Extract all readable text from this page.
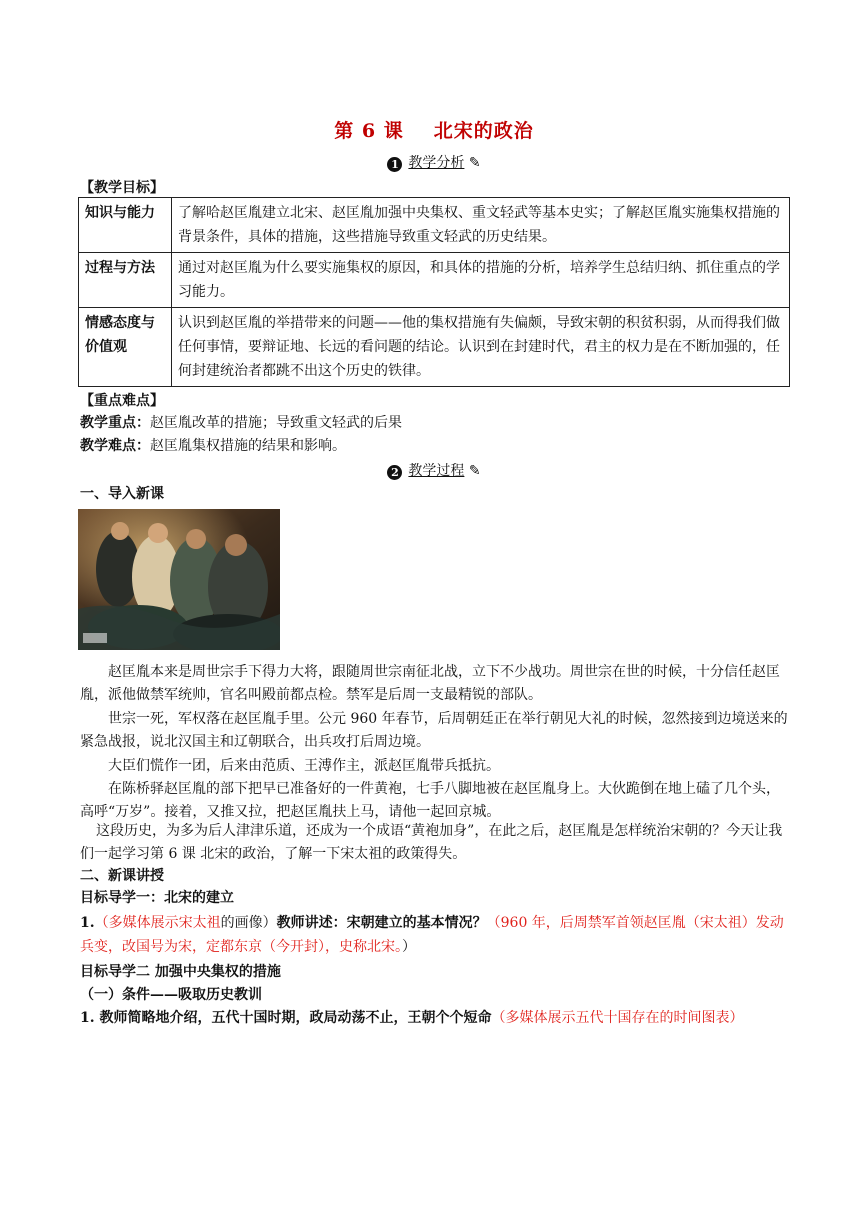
第 6 课 北宋的政治
1 教学分析 ✎
【教学目标】
知识与能力	了解哈赵匡胤建立北宋、赵匡胤加强中央集权、重文轻武等基本史实；了解赵匡胤实施集权措施的背景条件，具体的措施，这些措施导致重文轻武的历史结果。
过程与方法	通过对赵匡胤为什么要实施集权的原因，和具体的措施的分析，培养学生总结归纳、抓住重点的学习能力。
情感态度与价值观	认识到赵匡胤的举措带来的问题——他的集权措施有失偏颇，导致宋朝的积贫积弱，从而得我们做任何事情，要辩证地、长远的看问题的结论。认识到在封建时代，君主的权力是在不断加强的，任何封建统治者都跳不出这个历史的铁律。
【重点难点】
教学重点：赵匡胤改革的措施；导致重文轻武的后果
教学难点：赵匡胤集权措施的结果和影响。
2 教学过程 ✎
一、导入新课
赵匡胤本来是周世宗手下得力大将，跟随周世宗南征北战，立下不少战功。周世宗在世的时候，十分信任赵匡胤，派他做禁军统帅，官名叫殿前都点检。禁军是后周一支最精锐的部队。
世宗一死，军权落在赵匡胤手里。公元 960 年春节，后周朝廷正在举行朝见大礼的时候，忽然接到边境送来的紧急战报，说北汉国主和辽朝联合，出兵攻打后周边境。
大臣们慌作一团，后来由范质、王溥作主，派赵匡胤带兵抵抗。
在陈桥驿赵匡胤的部下把早已准备好的一件黄袍，七手八脚地被在赵匡胤身上。大伙跪倒在地上磕了几个头，高呼“万岁”。接着，又推又拉，把赵匡胤扶上马，请他一起回京城。
这段历史，为多为后人津津乐道，还成为一个成语“黄袍加身”，在此之后，赵匡胤是怎样统治宋朝的？今天让我们一起学习第 6 课 北宋的政治，了解一下宋太祖的政策得失。
二、新课讲授
目标导学一：北宋的建立
1.（多媒体展示宋太祖的画像）教师讲述：宋朝建立的基本情况？（960 年，后周禁军首领赵匡胤（宋太祖）发动兵变，改国号为宋，定都东京（今开封），史称北宋。）
目标导学二 加强中央集权的措施
（一）条件——吸取历史教训
1. 教师简略地介绍，五代十国时期，政局动荡不止，王朝个个短命（多媒体展示五代十国存在的时间图表）
